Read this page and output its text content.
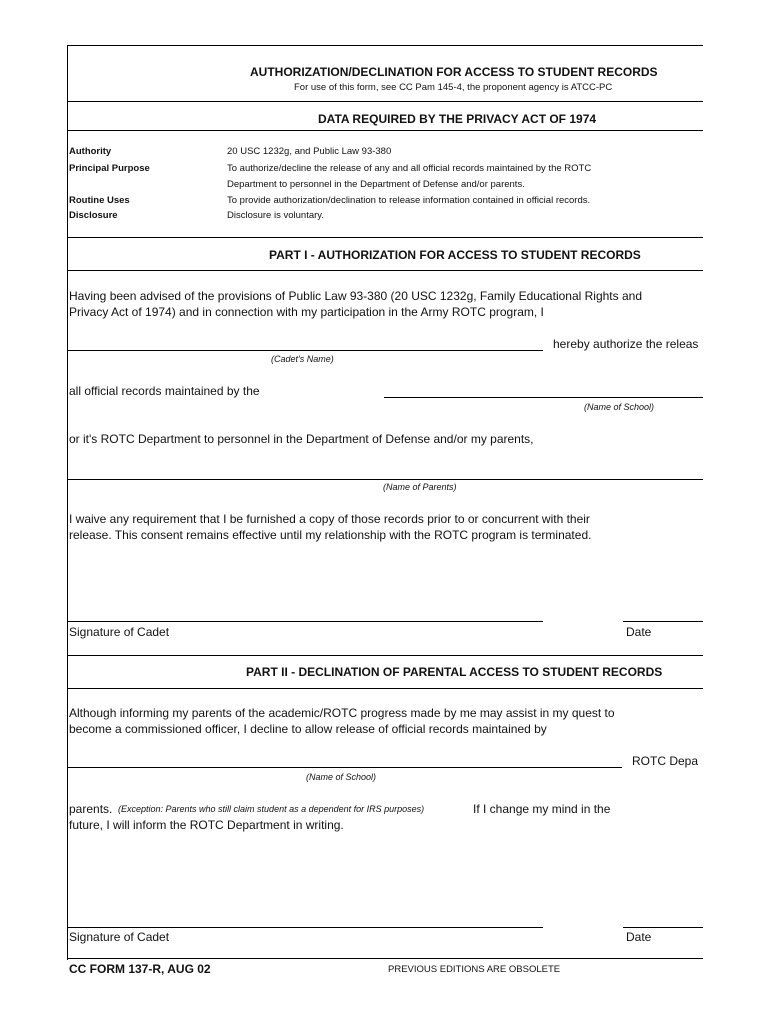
AUTHORIZATION/DECLINATION FOR ACCESS TO STUDENT RECORDS
For use of this form, see CC Pam 145-4, the proponent agency is ATCC-PC
DATA REQUIRED BY THE PRIVACY ACT OF 1974
Authority	20 USC 1232g, and Public Law 93-380
Principal Purpose	To authorize/decline the release of any and all official records maintained by the ROTC
Department to personnel in the Department of Defense and/or parents.
Routine Uses	To provide authorization/declination to release information contained in official records.
Disclosure	Disclosure is voluntary.
PART I - AUTHORIZATION FOR ACCESS TO STUDENT RECORDS
Having been advised of the provisions of Public Law 93-380 (20 USC 1232g, Family Educational Rights and
Privacy Act of 1974) and in connection with my participation in the Army ROTC program, I
hereby authorize the releas
(Cadet's Name)
all official records maintained by the
(Name of School)
or it's ROTC Department to personnel in the Department of Defense and/or my parents,
(Name of Parents)
I waive any requirement that I be furnished a copy of those records prior to or concurrent with their
release. This consent remains effective until my relationship with the ROTC program is terminated.
Signature of Cadet	Date
PART II - DECLINATION OF PARENTAL ACCESS TO STUDENT RECORDS
Although informing my parents of the academic/ROTC progress made by me may assist in my quest to
become a commissioned officer, I decline to allow release of official records maintained by
ROTC Depa
(Name of School)
parents. (Exception: Parents who still claim student as a dependent for IRS purposes)	If I change my mind in the
future, I will inform the ROTC Department in writing.
Signature of Cadet	Date
CC FORM 137-R, AUG 02	PREVIOUS EDITIONS ARE OBSOLETE
